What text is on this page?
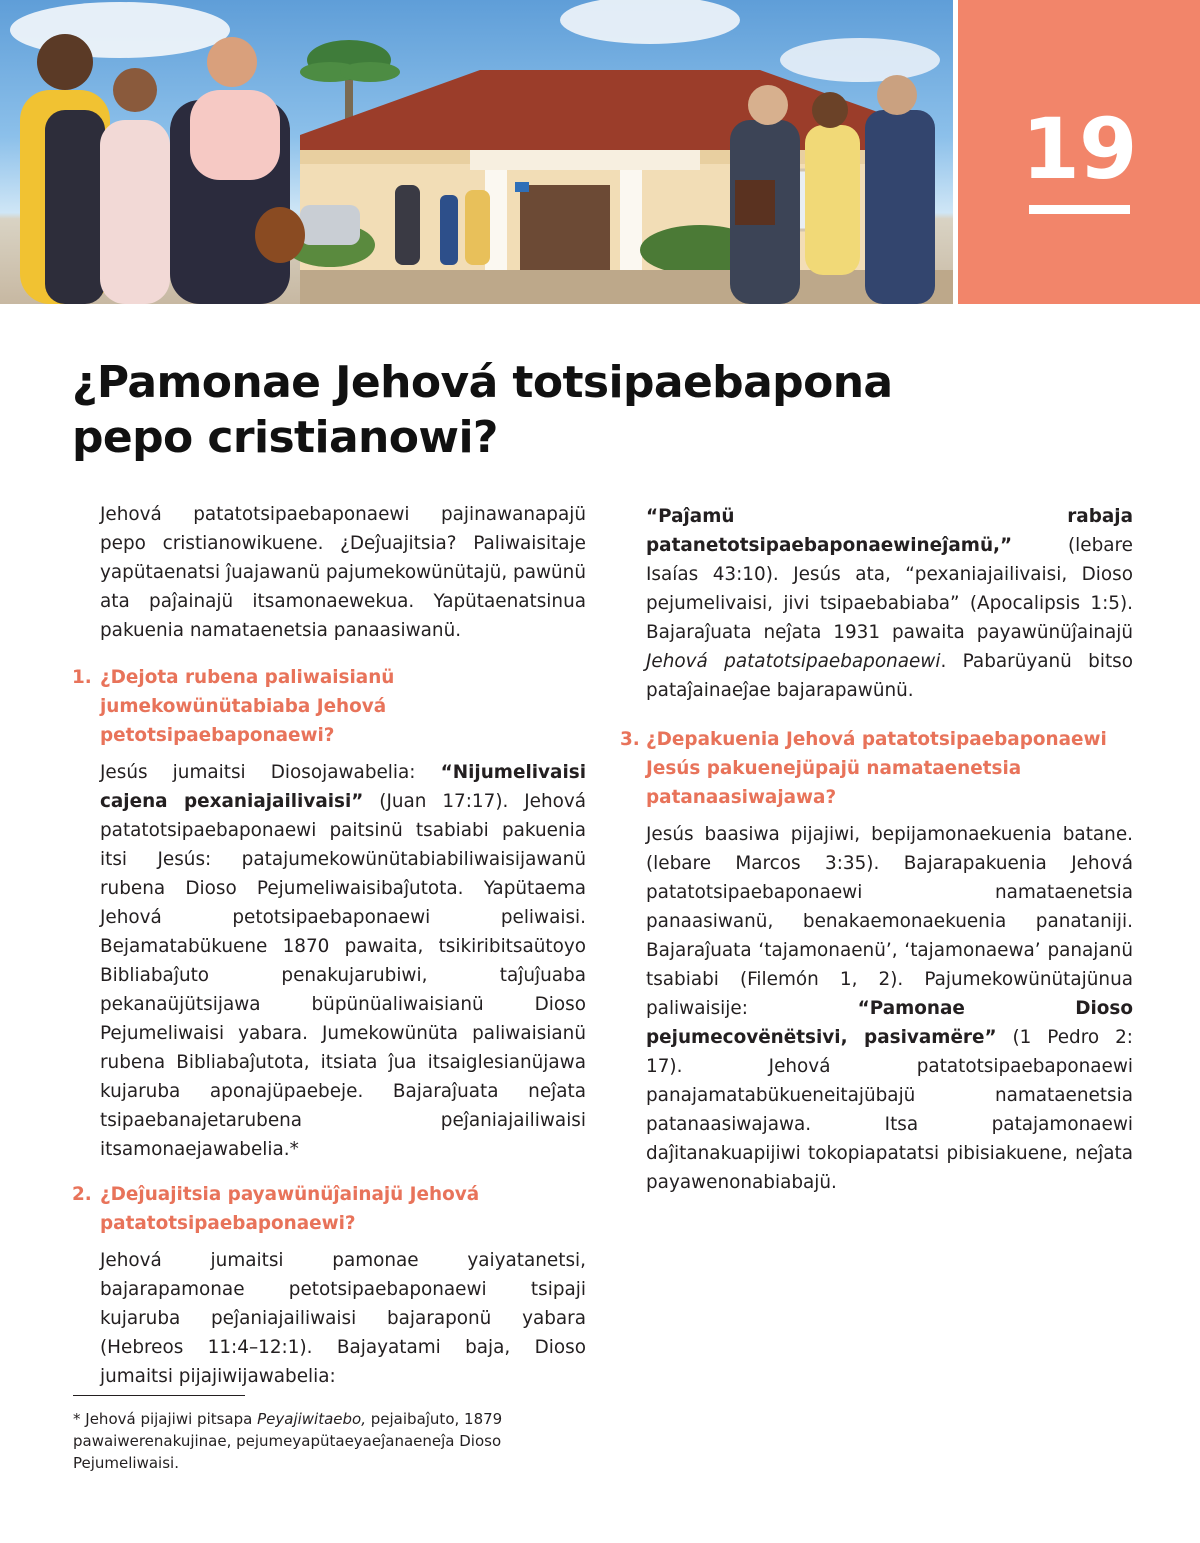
19
¿Pamonae Jehová totsipaebapona pepo cristianowi?

Jehová patatotsipaebaponaewi pajinawanapajü pepo cristianowikuene. ¿Deĵuajitsia? Paliwaisitaje yapütaenatsi ĵuajawanü pajumekowünütajü, pawünü ata paĵainajü itsamonaewekua. Yapütaenatsinua pakuenia namataenetsia panaasiwanü.

1. ¿Dejota rubena paliwaisianü jumekowünütabiaba Jehová petotsipaebaponaewi?

Jesús jumaitsi Diosojawabelia: “Nijumelivaisi cajena pexaniajailivaisi” (Juan 17:17). Jehová patatotsipaebaponaewi paitsinü tsabiabi pakuenia itsi Jesús: patajumekowünütabiabiliwaisijawanü rubena Dioso Pejumeliwaisibaĵutota. Yapütaema Jehová petotsipaebaponaewi peliwaisi. Bejamatabükuene 1870 pawaita, tsikiribitsaütoyo Bibliabaĵuto penakujarubiwi, taĵuĵuaba pekanaüjütsijawa büpünüaliwaisianü Dioso Pejumeliwaisi yabara. Jumekowünüta paliwaisianü rubena Bibliabaĵutota, itsiata ĵua itsaiglesianüjawa kujaruba aponajüpaebeje. Bajaraĵuata neĵata tsipaebanajetarubena peĵaniajailiwaisi itsamonaejawabelia.*

2. ¿Deĵuajitsia payawünüĵainajü Jehová patatotsipaebaponaewi?

Jehová jumaitsi pamonae yaiyatanetsi, bajarapamonae petotsipaebaponaewi tsipaji kujaruba peĵaniajailiwaisi bajaraponü yabara (Hebreos 11:4–12:1). Bajayatami baja, Dioso jumaitsi pijajiwijawabelia:

“Paĵamü rabaja patanetotsipaebaponaewineĵamü,” (lebare Isaías 43:10). Jesús ata, “pexaniajailivaisi, Dioso pejumelivaisi, jivi tsipaebabiaba” (Apocalipsis 1:5). Bajaraĵuata neĵata 1931 pawaita payawünüĵainajü Jehová patatotsipaebaponaewi. Pabarüyanü bitso pataĵainaeĵae bajarapawünü.

3. ¿Depakuenia Jehová patatotsipaebaponaewi Jesús pakuenejüpajü namataenetsia patanaasiwajawa?

Jesús baasiwa pijajiwi, bepijamonaekuenia batane. (lebare Marcos 3:35). Bajarapakuenia Jehová patatotsipaebaponaewi namataenetsia panaasiwanü, benakaemonaekuenia panataniji. Bajaraĵuata ‘tajamonaenü’, ‘tajamonaewa’ panajanü tsabiabi (Filemón 1, 2). Pajumekowünütajünua paliwaisije: “Pamonae Dioso pejumecovënëtsivi, pasivamëre” (1 Pedro 2: 17). Jehová patatotsipaebaponaewi panajamatabükueneitajübajü namataenetsia patanaasiwajawa. Itsa patajamonaewi daĵitanakuapijiwi tokopiapatatsi pibisiakuene, neĵata payawenonabiabajü.

* Jehová pijajiwi pitsapa Peyajiwitaebo, pejaibaĵuto, 1879 pawaiwerenakujinae, pejumeyapütaeyaeĵanaeneĵa Dioso Pejumeliwaisi.
